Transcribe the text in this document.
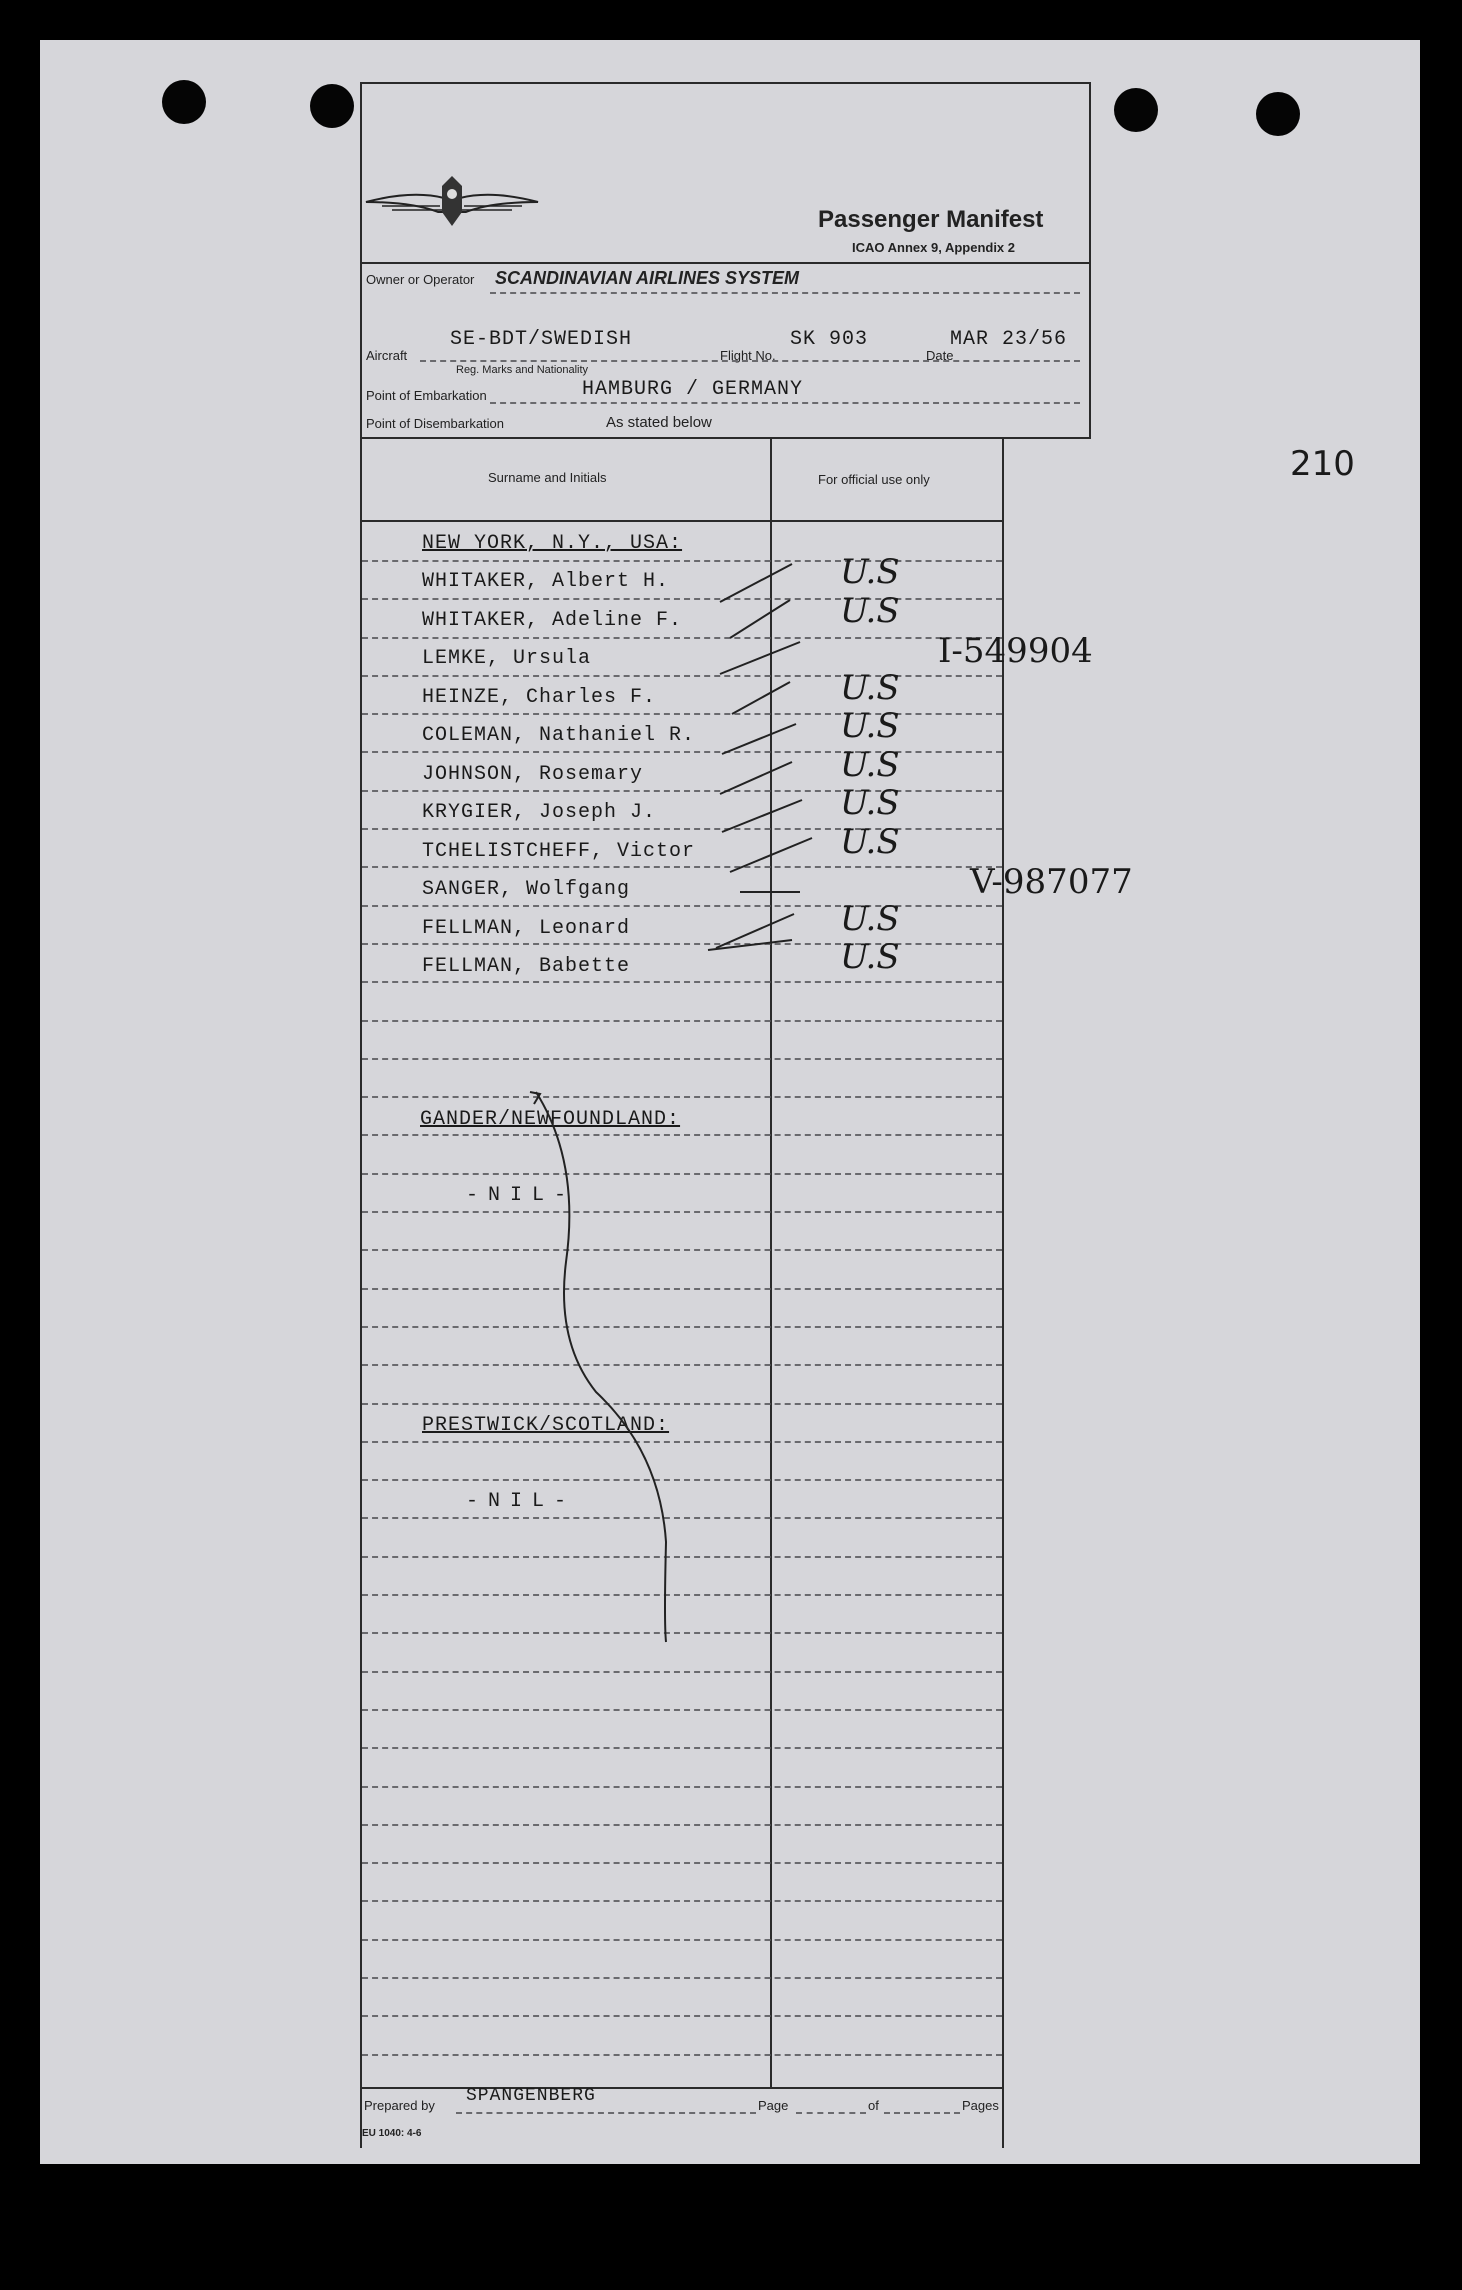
210
Passenger Manifest
ICAO Annex 9, Appendix 2
Owner or Operator SCANDINAVIAN AIRLINES SYSTEM
SE-BDT/SWEDISH	SK 903	MAR 23/56
Aircraft	Flight No.	Date
Reg. Marks and Nationality
HAMBURG / GERMANY
Point of Embarkation
Point of Disembarkation	As stated below
Surname and Initials	For official use only
NEW YORK, N.Y., USA:
WHITAKER, Albert H.	U.S
WHITAKER, Adeline F.	U.S
LEMKE, Ursula	I-549904
HEINZE, Charles F.	U.S
COLEMAN, Nathaniel R.	U.S
JOHNSON, Rosemary	U.S
KRYGIER, Joseph J.	U.S
TCHELISTCHEFF, Victor	U.S
SANGER, Wolfgang	V-987077
FELLMAN, Leonard	U.S
FELLMAN, Babette	U.S
GANDER/NEWFOUNDLAND:
-NIL-
PRESTWICK/SCOTLAND:
-NIL-
Prepared by SPANGENBERG	Page	of	Pages
EU 1040: 4-6
